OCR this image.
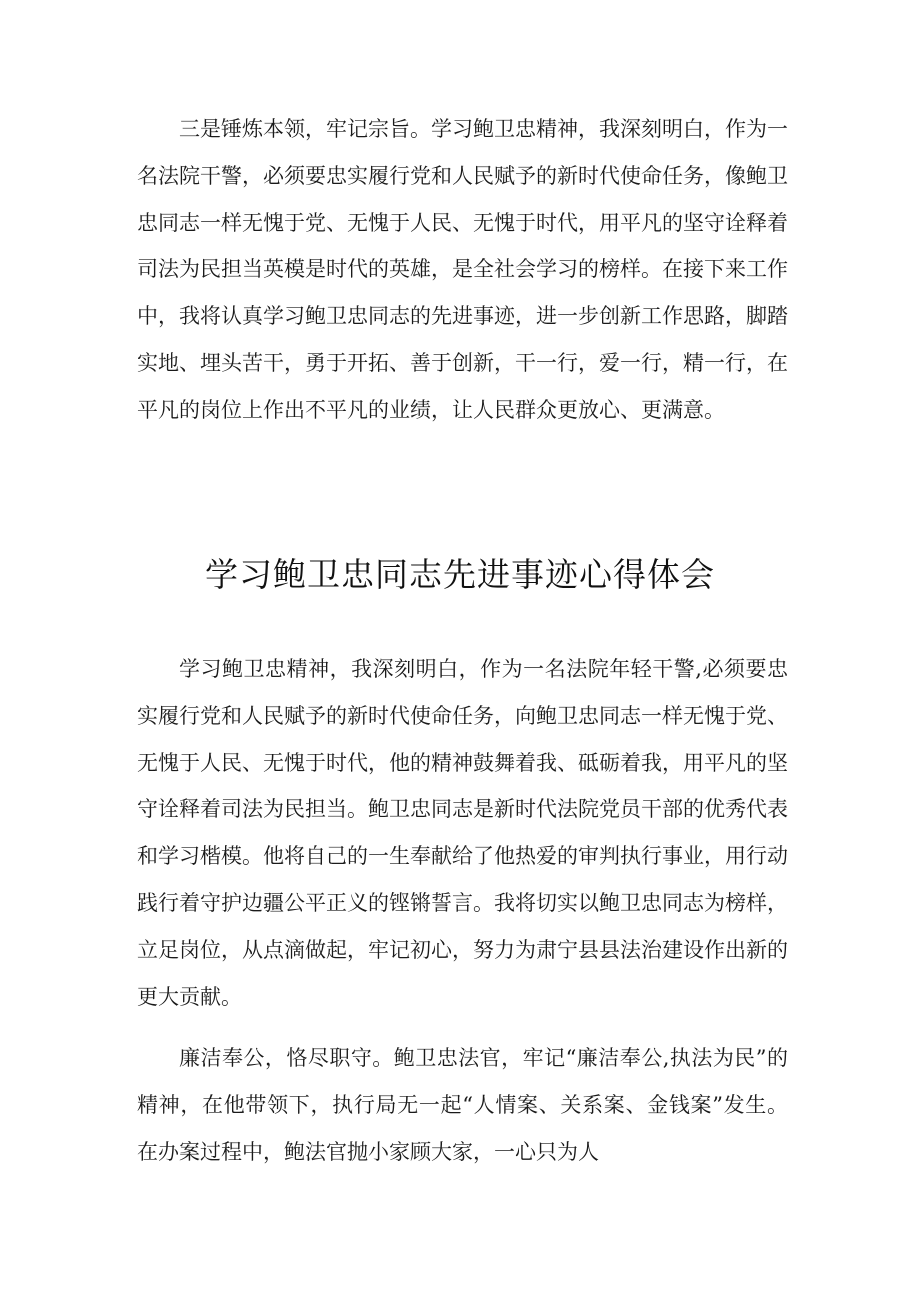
三是锤炼本领，牢记宗旨。学习鲍卫忠精神，我深刻明白，作为一名法院干警，必须要忠实履行党和人民赋予的新时代使命任务，像鲍卫忠同志一样无愧于党、无愧于人民、无愧于时代，用平凡的坚守诠释着司法为民担当英模是时代的英雄，是全社会学习的榜样。在接下来工作中，我将认真学习鲍卫忠同志的先进事迹，进一步创新工作思路，脚踏实地、埋头苦干，勇于开拓、善于创新，干一行，爱一行，精一行，在平凡的岗位上作出不平凡的业绩，让人民群众更放心、更满意。

学习鲍卫忠同志先进事迹心得体会

学习鲍卫忠精神，我深刻明白，作为一名法院年轻干警,必须要忠实履行党和人民赋予的新时代使命任务，向鲍卫忠同志一样无愧于党、无愧于人民、无愧于时代，他的精神鼓舞着我、砥砺着我，用平凡的坚守诠释着司法为民担当。鲍卫忠同志是新时代法院党员干部的优秀代表和学习楷模。他将自己的一生奉献给了他热爱的审判执行事业，用行动践行着守护边疆公平正义的铿锵誓言。我将切实以鲍卫忠同志为榜样，立足岗位，从点滴做起，牢记初心，努力为肃宁县县法治建设作出新的更大贡献。

廉洁奉公，恪尽职守。鲍卫忠法官，牢记“廉洁奉公,执法为民”的精神，在他带领下，执行局无一起“人情案、关系案、金钱案”发生。在办案过程中，鲍法官抛小家顾大家，一心只为人
